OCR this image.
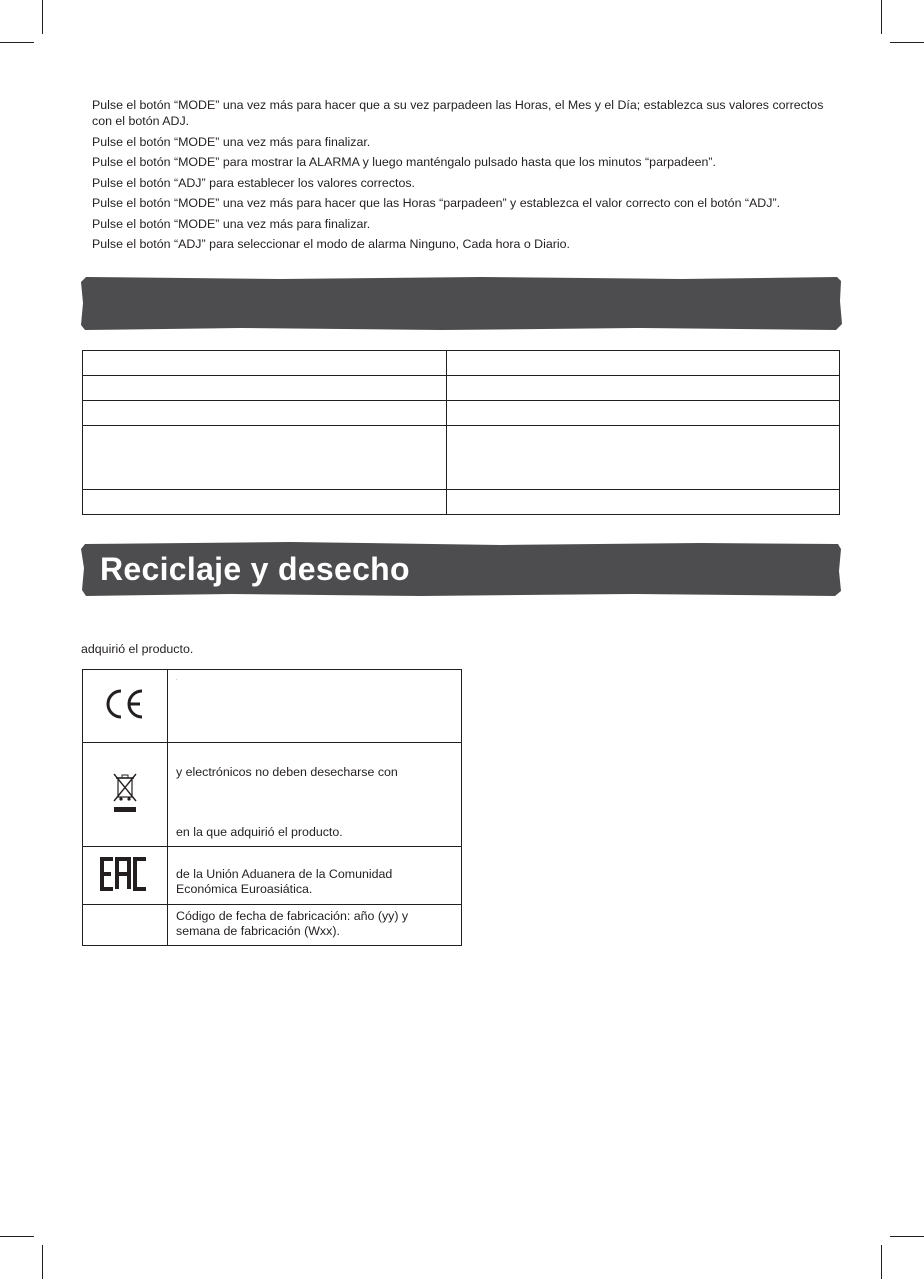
Pulse el botón “MODE” una vez más para hacer que a su vez parpadeen las Horas, el Mes y el Día; establezca sus valores correctos con el botón ADJ.

Pulse el botón “MODE” una vez más para finalizar.

Pulse el botón “MODE” para mostrar la ALARMA y luego manténgalo pulsado hasta que los minutos “parpadeen”.

Pulse el botón “ADJ” para establecer los valores correctos.

Pulse el botón “MODE” una vez más para hacer que las Horas “parpadeen” y establezca el valor correcto con el botón “ADJ”.

Pulse el botón “MODE” una vez más para finalizar.

Pulse el botón “ADJ” para seleccionar el modo de alarma Ninguno, Cada hora o Diario.

Reciclaje y desecho
adquirió el producto.

.

y electrónicos no deben desecharse con
en la que adquirió el producto.

de la Unión Aduanera de la Comunidad
Económica Euroasiática.

	Código de fecha de fabricación: año (yy) y
semana de fabricación (Wxx).
